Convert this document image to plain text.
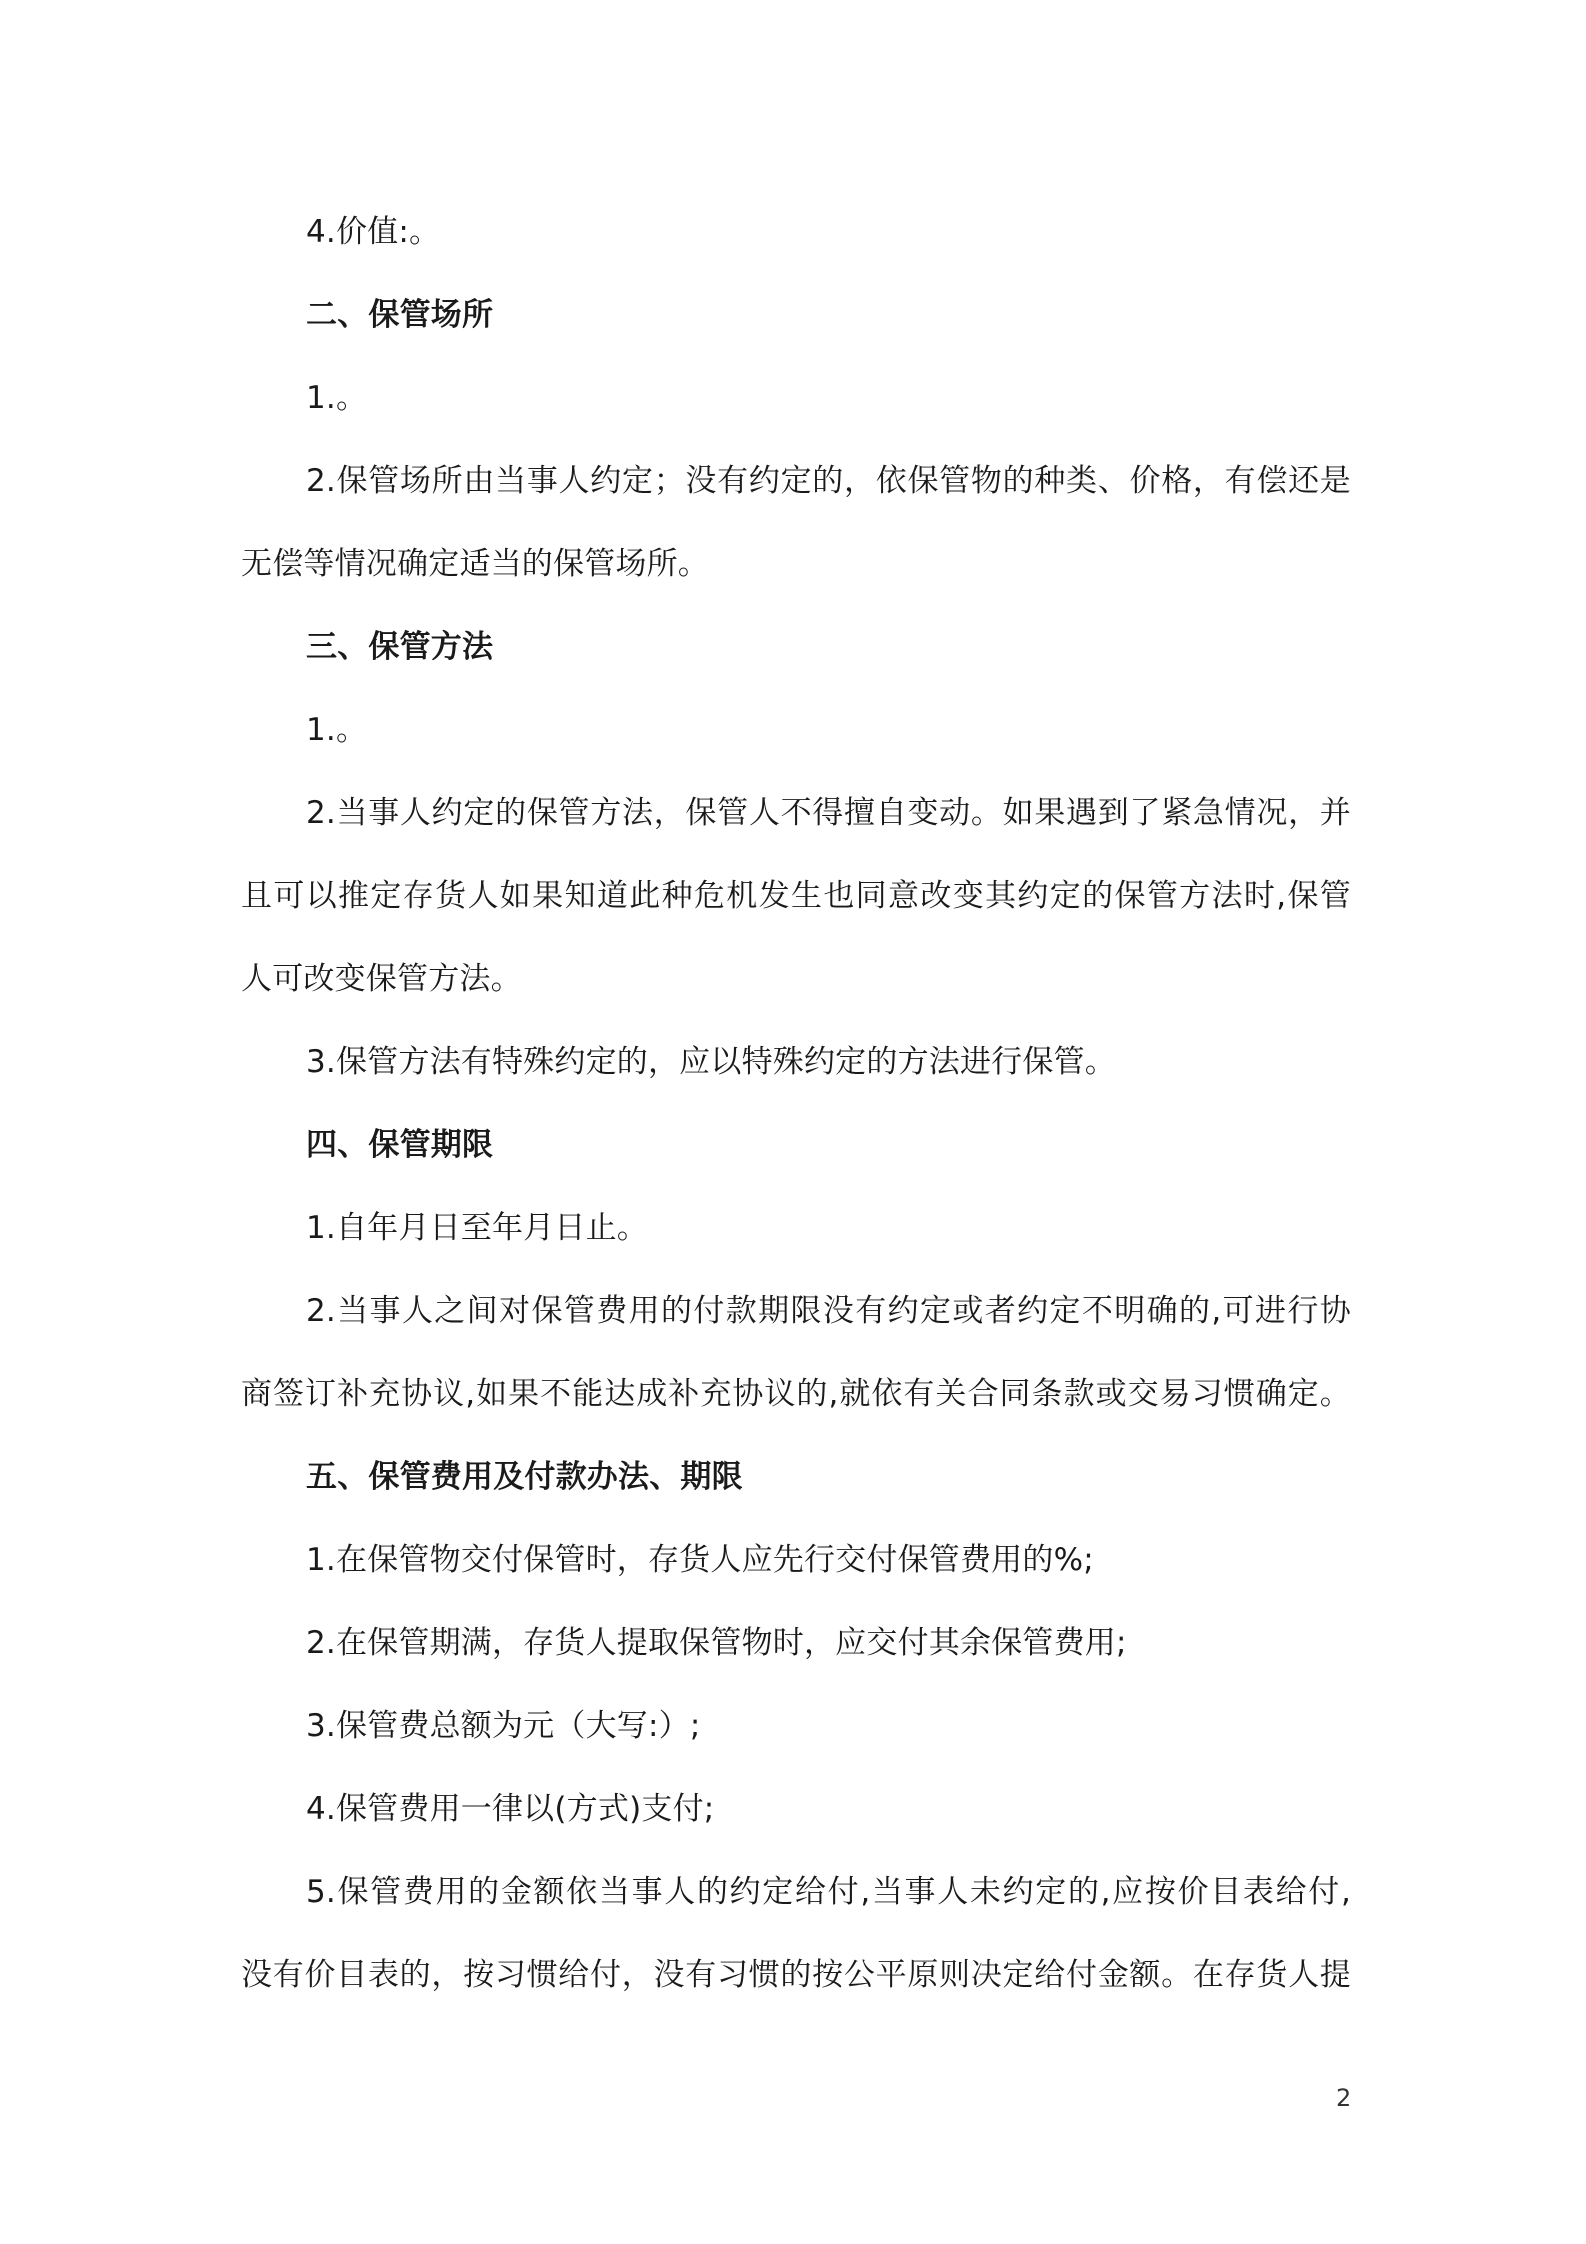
4.价值:。
二、保管场所
1.。
2.保管场所由当事人约定；没有约定的，依保管物的种类、价格，有偿还是
无偿等情况确定适当的保管场所。
三、保管方法
1.。
2.当事人约定的保管方法，保管人不得擅自变动。如果遇到了紧急情况，并
且可以推定存货人如果知道此种危机发生也同意改变其约定的保管方法时,保管
人可改变保管方法。
3.保管方法有特殊约定的，应以特殊约定的方法进行保管。
四、保管期限
1.自年月日至年月日止。
2.当事人之间对保管费用的付款期限没有约定或者约定不明确的,可进行协
商签订补充协议,如果不能达成补充协议的,就依有关合同条款或交易习惯确定。
五、保管费用及付款办法、期限
1.在保管物交付保管时，存货人应先行交付保管费用的%;
2.在保管期满，存货人提取保管物时，应交付其余保管费用;
3.保管费总额为元（大写:）;
4.保管费用一律以(方式)支付;
5.保管费用的金额依当事人的约定给付,当事人未约定的,应按价目表给付,
没有价目表的，按习惯给付，没有习惯的按公平原则决定给付金额。在存货人提
2
